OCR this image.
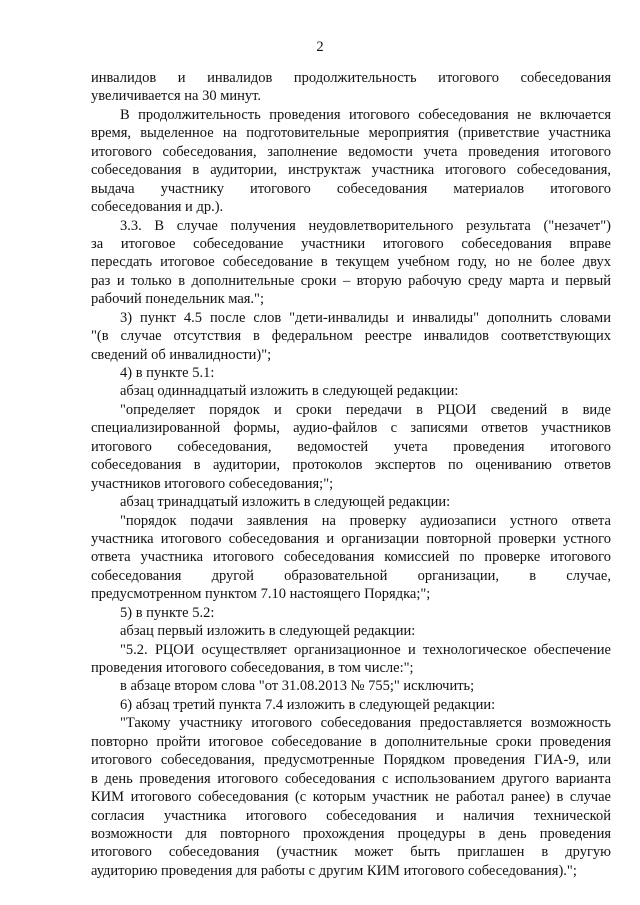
2
инвалидов и инвалидов продолжительность итогового собеседования
увеличивается на 30 минут.
В продолжительность проведения итогового собеседования не включается
время, выделенное на подготовительные мероприятия (приветствие участника
итогового собеседования, заполнение ведомости учета проведения итогового
собеседования в аудитории, инструктаж участника итогового собеседования,
выдача участнику итогового собеседования материалов итогового
собеседования и др.).
3.3. В случае получения неудовлетворительного результата ("незачет")
за итоговое собеседование участники итогового собеседования вправе
пересдать итоговое собеседование в текущем учебном году, но не более двух
раз и только в дополнительные сроки – вторую рабочую среду марта и первый
рабочий понедельник мая.";
3) пункт 4.5 после слов "дети-инвалиды и инвалиды" дополнить словами
"(в случае отсутствия в федеральном реестре инвалидов соответствующих
сведений об инвалидности)";
4) в пункте 5.1:
абзац одиннадцатый изложить в следующей редакции:
"определяет порядок и сроки передачи в РЦОИ сведений в виде
специализированной формы, аудио-файлов с записями ответов участников
итогового собеседования, ведомостей учета проведения итогового
собеседования в аудитории, протоколов экспертов по оцениванию ответов
участников итогового собеседования;";
абзац тринадцатый изложить в следующей редакции:
"порядок подачи заявления на проверку аудиозаписи устного ответа
участника итогового собеседования и организации повторной проверки устного
ответа участника итогового собеседования комиссией по проверке итогового
собеседования другой образовательной организации, в случае,
предусмотренном пунктом 7.10 настоящего Порядка;";
5) в пункте 5.2:
абзац первый изложить в следующей редакции:
"5.2. РЦОИ осуществляет организационное и технологическое обеспечение
проведения итогового собеседования, в том числе:";
в абзаце втором слова "от 31.08.2013 № 755;" исключить;
6) абзац третий пункта 7.4 изложить в следующей редакции:
"Такому участнику итогового собеседования предоставляется возможность
повторно пройти итоговое собеседование в дополнительные сроки проведения
итогового собеседования, предусмотренные Порядком проведения ГИА-9, или
в день проведения итогового собеседования с использованием другого варианта
КИМ итогового собеседования (с которым участник не работал ранее) в случае
согласия участника итогового собеседования и наличия технической
возможности для повторного прохождения процедуры в день проведения
итогового собеседования (участник может быть приглашен в другую
аудиторию проведения для работы с другим КИМ итогового собеседования).";
